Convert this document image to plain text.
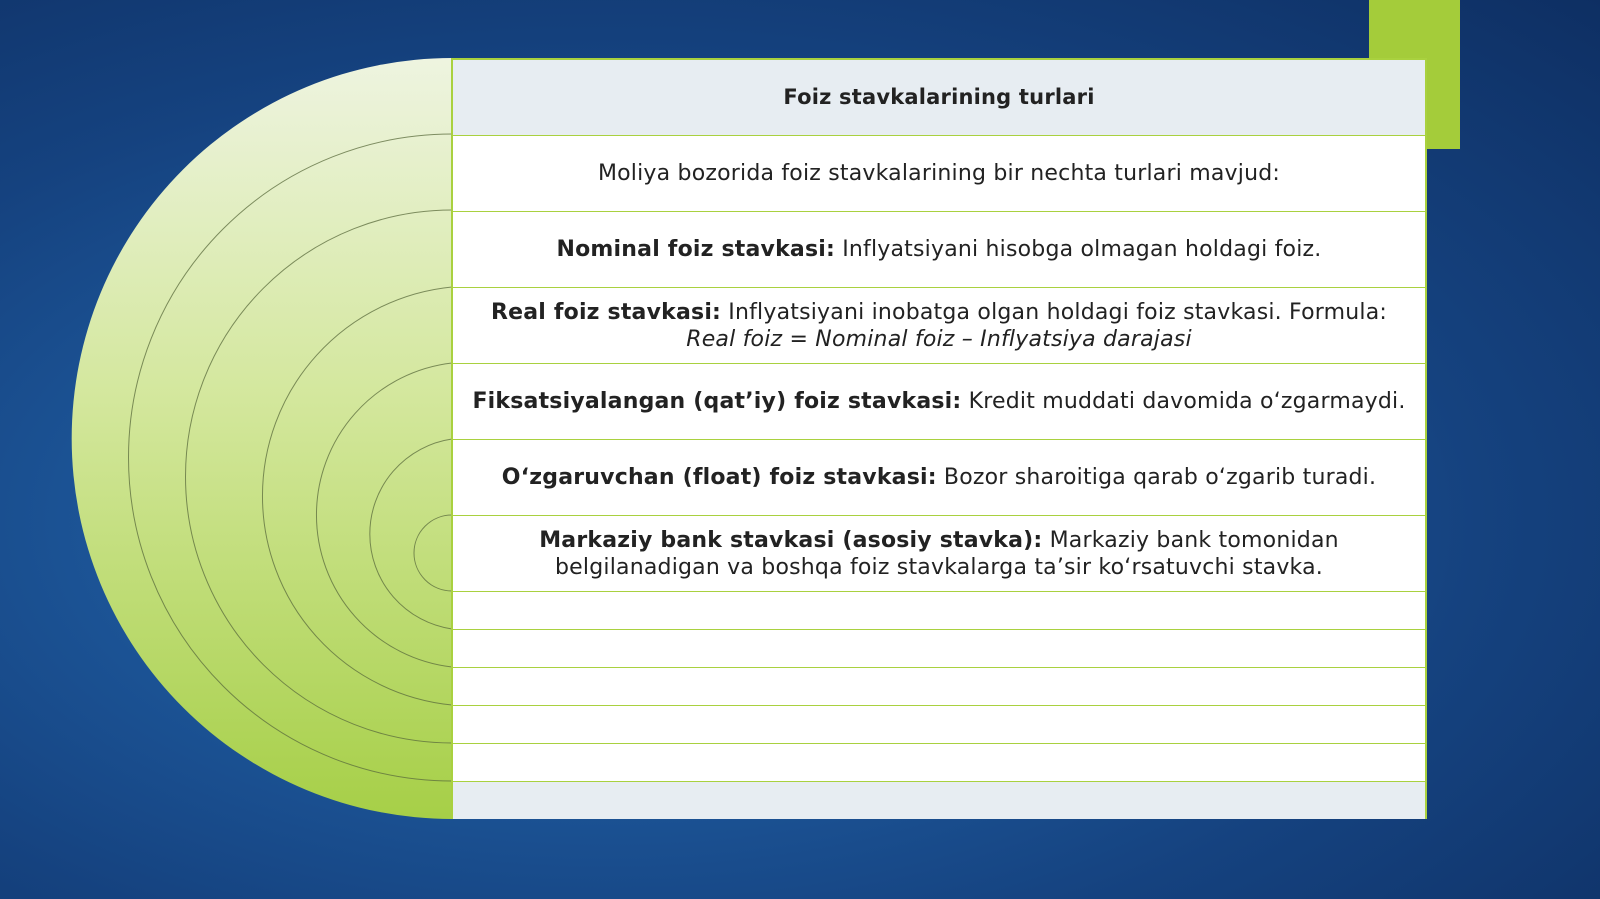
Foiz stavkalarining turlari
Moliya bozorida foiz stavkalarining bir nechta turlari mavjud:
Nominal foiz stavkasi: Inflyatsiyani hisobga olmagan holdagi foiz.
Real foiz stavkasi: Inflyatsiyani inobatga olgan holdagi foiz stavkasi. Formula:
Real foiz = Nominal foiz – Inflyatsiya darajasi
Fiksatsiyalangan (qat’iy) foiz stavkasi: Kredit muddati davomida o‘zgarmaydi.
O‘zgaruvchan (float) foiz stavkasi: Bozor sharoitiga qarab o‘zgarib turadi.
Markaziy bank stavkasi (asosiy stavka): Markaziy bank tomonidan
belgilanadigan va boshqa foiz stavkalarga ta’sir ko‘rsatuvchi stavka.
